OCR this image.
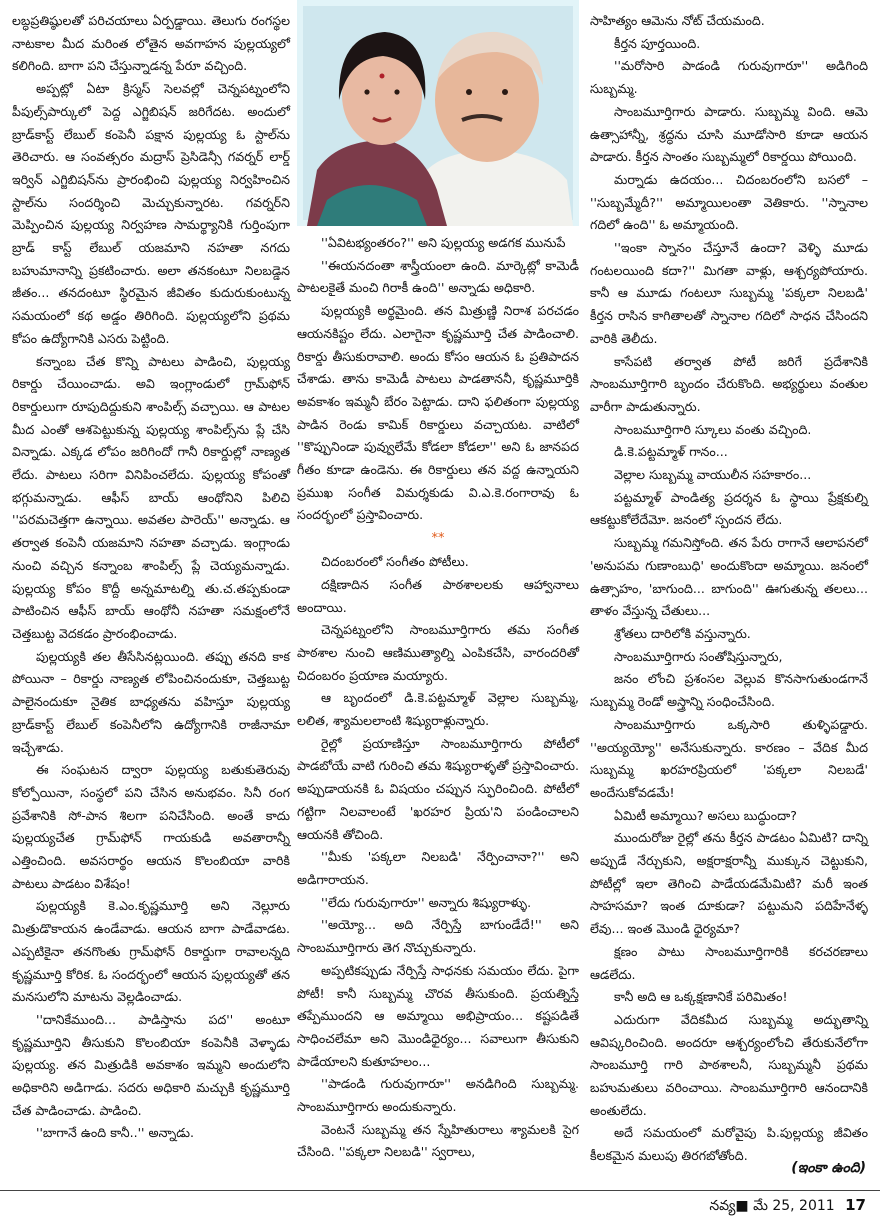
లబ్ధప్రతిష్ఠులతో పరిచయాలు ఏర్పడ్డాయి. తెలుగు రంగస్థల నాటకాల మీద మరింత లోతైన అవగాహన పుల్లయ్యలో కలిగింది. బాగా పని చేస్తున్నాడన్న పేరూ వచ్చింది.

అప్పట్లో ఏటా క్రిస్మస్ సెలవల్లో చెన్నపట్నంలోని పీపుల్స్‌పార్కులో పెద్ద ఎగ్జిబిషన్ జరిగేదట. అందులో బ్రాడ్‌కాస్ట్ లేబుల్ కంపెనీ పక్షాన పుల్లయ్య ఓ స్టాల్‌ను తెరిచారు. ఆ సంవత్సరం మద్రాస్ ప్రెసిడెన్సీ గవర్నర్ లార్డ్ ఇర్విన్ ఎగ్జిబిషన్‌ను ప్రారంభించి పుల్లయ్య నిర్వహించిన స్టాల్‌ను సందర్శించి మెచ్చుకున్నారట. గవర్నర్‌ని మెప్పించిన పుల్లయ్య నిర్వహణ సామర్థ్యానికి గుర్తింపుగా బ్రాడ్ కాస్ట్ లేబుల్ యజమాని నహతా నగదు బహుమానాన్ని ప్రకటించారు. అలా తనకంటూ నిలబడ్డెన జీతం... తనదంటూ స్థిరమైన జీవితం కుదురుకుంటున్న సమయంలో కథ అడ్డం తిరిగింది. పుల్లయ్యలోని ప్రథమ కోపం ఉద్యోగానికి ఎసరు పెట్టింది.

కన్నాంబ చేత కొన్ని పాటలు పాడించి, పుల్లయ్య రికార్డు చేయించాడు. అవి ఇంగ్లాండులో గ్రామ్‌ఫోన్ రికార్డులుగా రూపుదిద్దుకుని శాంపిల్స్ వచ్చాయి. ఆ పాటల మీద ఎంతో ఆశపెట్టుకున్న పుల్లయ్య శాంపిల్స్‌ను ప్లే చేసి విన్నాడు. ఎక్కడ లోపం జరిగిందో గానీ రికార్డుల్లో నాణ్యత లేదు. పాటలు సరిగా వినిపించలేదు. పుల్లయ్య కోపంతో భగ్గుమన్నాడు. ఆఫీస్ బాయ్ ఆంథోనిని పిలిచి ''పరమచెత్తగా ఉన్నాయి. అవతల పారెయ్'' అన్నాడు. ఆ తర్వాత కంపెనీ యజమాని నహతా వచ్చాడు. ఇంగ్లాండు నుంచి వచ్చిన కన్నాంబ శాంపిల్స్ ప్లే చెయ్యమన్నాడు. పుల్లయ్య కోపం కొద్దీ అన్నమాటల్ని తు.చ.తప్పకుండా పాటించిన ఆఫీస్ బాయ్ ఆంథోనీ నహతా సమక్షంలోనే చెత్తబుట్ట వెదకడం ప్రారంభించాడు.

పుల్లయ్యకి తల తీసేసినట్లయింది. తప్పు తనది కాక పోయినా – రికార్డు నాణ్యత లోపించినందుకూ, చెత్తబుట్ట పాలైనందుకూ నైతిక బాధ్యతను వహిస్తూ పుల్లయ్య బ్రాడ్‌కాస్ట్ లేబుల్ కంపెనీలోని ఉద్యోగానికి రాజీనామా ఇచ్చేశాడు.

ఈ సంఘటన ద్వారా పుల్లయ్య బతుకుతెరువు కోల్పోయినా, సంస్థలో పని చేసిన అనుభవం. సినీ రంగ ప్రవేశానికి సో-పాన శిలగా పనిచేసింది. అంతే కాదు పుల్లయ్యచేత గ్రామ్‌ఫోన్ గాయకుడి అవతారాన్నీ ఎత్తించింది. అవసరార్థం ఆయన కొలంబియా వారికి పాటలు పాడటం విశేషం!

పుల్లయ్యకి కె.ఎం.కృష్ణమూర్తి అని నెల్లూరు మిత్రుడొకాయన ఉండేవాడు. ఆయన బాగా పాడేవాడట. ఎప్పటికైనా తనగొంతు గ్రామ్‌ఫోన్ రికార్డుగా రావాలన్నది కృష్ణమూర్తి కోరిక. ఓ సందర్భంలో ఆయన పుల్లయ్యతో తన మనసులోని మాటను వెల్లడించాడు.

''దానికేముంది... పాడిస్తాను పద'' అంటూ కృష్ణమూర్తిని తీసుకుని కొలంబియా కంపెనీకి వెళ్ళాడు పుల్లయ్య. తన మిత్రుడికి అవకాశం ఇమ్మని అందులోని అధికారిని అడిగాడు. సదరు అధికారి మచ్చుకి కృష్ణమూర్తి చేత పాడించాడు. పాడించి.

''బాగానే ఉంది కానీ..'' అన్నాడు.

''ఏవిటభ్యంతరం?'' అని పుల్లయ్య అడగక మునుపే

''ఈయనదంతా శాస్త్రీయంలా ఉంది. మార్కెట్లో కామెడీ పాటలకైతే మంచి గిరాకీ ఉంది'' అన్నాడు అధికారి.

పుల్లయ్యకి అర్థమైంది. తన మిత్రుణ్ణి నిరాశ పరచడం ఆయనకిష్టం లేదు. ఎలాగైనా కృష్ణమూర్తి చేత పాడించాలి. రికార్డు తీసుకురావాలి. అందు కోసం ఆయన ఓ ప్రతిపాదన చేశాడు. తాను కామెడీ పాటలు పాడతాననీ, కృష్ణమూర్తికి అవకాశం ఇమ్మనీ బేరం పెట్టాడు. దాని ఫలితంగా పుల్లయ్య పాడిన రెండు కామిక్ రికార్డులు వచ్చాయట. వాటిలో ''కొప్పునిండా పువ్వులేమే కోడలా కోడలా'' అని ఓ జానపద గీతం కూడా ఉండెను. ఈ రికార్డులు తన వద్ద ఉన్నాయని ప్రముఖ సంగీత విమర్శకుడు వి.ఎ.కె.రంగారావు ఓ సందర్భంలో ప్రస్తావించారు.

**

చిదంబరంలో సంగీతం పోటీలు.

దక్షిణాదిన సంగీత పాఠశాలలకు ఆహ్వానాలు అందాయి.

చెన్నపట్నంలోని సాంబమూర్తిగారు తమ సంగీత పాఠశాల నుంచి ఆణిముత్యాల్ని ఎంపికచేసి, వారందరితో చిదంబరం ప్రయాణ మయ్యారు.

ఆ బృందంలో డి.కె.పట్టమ్మాళ్ వెల్లాల సుబ్బమ్మ, లలిత, శ్యామలలాంటి శిష్యురాళ్లున్నారు.

రైల్లో ప్రయాణిస్తూ సాంబమూర్తిగారు పోటీలో పాడబోయే వాటి గురించి తమ శిష్యురాళ్ళతో ప్రస్తావించారు. అప్పుడాయనకి ఓ విషయం చప్పున స్ఫురించింది. పోటీలో గట్టిగా నిలవాలంటే 'ఖరహర ప్రియ'ని పండించాలని ఆయనకి తోచింది.

''మీకు 'పక్కలా నిలబడి' నేర్పించానా?'' అని అడిగారాయన.

''లేదు గురువుగారూ'' అన్నారు శిష్యురాళ్ళు.

''అయ్యో... అది నేర్పిస్తే బాగుండేదే!'' అని సాంబమూర్తిగారు తెగ నొచ్చుకున్నారు.

అప్పటికప్పుడు నేర్పిస్తే సాధనకు సమయం లేదు. పైగా పోటీ! కానీ సుబ్బమ్మ చొరవ తీసుకుంది. ప్రయత్నిస్తే తప్పేముందని ఆ అమ్మాయి అభిప్రాయం... కష్టపడితే సాధించలేమా అని మొండిధైర్యం... సవాలుగా తీసుకుని పాడేయాలని కుతూహలం...

''పాడండి గురువుగారూ'' అనడిగింది సుబ్బమ్మ. సాంబమూర్తిగారు అందుకున్నారు.

వెంటనే సుబ్బమ్మ తన స్నేహితురాలు శ్యామలకి సైగ చేసింది. ''పక్కలా నిలబడి'' స్వరాలు,

సాహిత్యం ఆమెను నోట్ చేయమంది.

కీర్తన పూర్తయింది.

''మరోసారి పాడండి గురువుగారూ'' అడిగింది సుబ్బమ్మ.

సాంబమూర్తిగారు పాడారు. సుబ్బమ్మ వింది. ఆమె ఉత్సాహాన్నీ, శ్రద్ధను చూసి మూడోసారి కూడా ఆయన పాడారు. కీర్తన సాంతం సుబ్బమ్మలో రికార్డయి పోయింది.

మర్నాడు ఉదయం... చిదంబరంలోని బసలో – ''సుబ్బమ్మేదీ?'' అమ్మాయిలంతా వెతికారు. ''స్నానాల గదిలో ఉంది'' ఓ అమ్మాయంది.

''ఇంకా స్నానం చేస్తూనే ఉందా? వెళ్ళి మూడు గంటలయింది కదా?'' మిగతా వాళ్లు, ఆశ్చర్యపోయారు. కానీ ఆ మూడు గంటలూ సుబ్బమ్మ 'పక్కలా నిలబడి' కీర్తన రాసిన కాగితాలతో స్నానాల గదిలో సాధన చేసిందని వారికి తెలీదు.

కాసేపటి తర్వాత పోటీ జరిగే ప్రదేశానికి సాంబమూర్తిగారి బృందం చేరుకొంది. అభ్యర్థులు వంతుల వారీగా పాడుతున్నారు.

సాంబమూర్తిగారి స్కూలు వంతు వచ్చింది.

డి.కె.పట్టమ్మాళ్ గానం...

వెల్లాల సుబ్బమ్మ వాయులీన సహకారం...

పట్టమ్మాళ్ పాండిత్య ప్రదర్శన ఓ స్థాయి ప్రేక్షకుల్ని ఆకట్టుకోలేదేమో. జనంలో స్పందన లేదు.

సుబ్బమ్మ గమనిస్తోంది. తన పేరు రాగానే ఆలాపనలో 'అనుపమ గుణాంబుధి' అందుకొందా అమ్మాయి. జనంలో ఉత్సాహం, 'బాగుంది... బాగుంది'' ఊగుతున్న తలలు... తాళం వేస్తున్న చేతులు...

శ్రోతలు దారిలోకి వస్తున్నారు.

సాంబమూర్తిగారు సంతోషిస్తున్నారు,

జనం లోంచి ప్రశంసల వెల్లువ కొనసాగుతుండగానే సుబ్బమ్మ రెండో అస్త్రాన్ని సంధించేసింది.

సాంబమూర్తిగారు ఒక్కసారి తుళ్ళిపడ్డారు. ''అయ్యయ్యో'' అనేసుకున్నారు. కారణం – వేదిక మీద సుబ్బమ్మ ఖరహరప్రియలో 'పక్కలా నిలబడే' అందేసుకోవడమే!

ఏమిటీ అమ్మాయి? అసలు బుద్ధుందా?

ముందురోజు రైల్లో తను కీర్తన పాడటం ఏమిటి? దాన్ని అప్పుడే నేర్చుకుని, అక్షరాక్షరాన్నీ ముక్కున చెట్టుకుని, పోటీల్లో ఇలా తెగించి పాడేయడమేమిటి? మరీ ఇంత సాహసమా? ఇంత దూకుడా? పట్టుమని పదిహేనేళ్ళ లేవు... ఇంత మొండి ధైర్యమా?

క్షణం పాటు సాంబమూర్తిగారికి కరచరణాలు ఆడలేదు.

కానీ అది ఆ ఒక్కక్షణానికే పరిమితం!

ఎదురుగా వేదికమీద సుబ్బమ్మ అద్భుతాన్ని ఆవిష్కరించింది. అందరూ ఆశ్చర్యంలోంచి తేరుకునేలోగా సాంబమూర్తి గారి పాఠశాలనీ, సుబ్బమ్మనీ ప్రథమ బహుమతులు వరించాయి. సాంబమూర్తిగారి ఆనందానికి అంతులేదు.

అదే సమయంలో మరోవైపు పి.పుల్లయ్య జీవితం కీలకమైన మలుపు తిరగబోతోంది.

(ఇంకా ఉంది)
నవ్య■ మే 25, 2011 17
